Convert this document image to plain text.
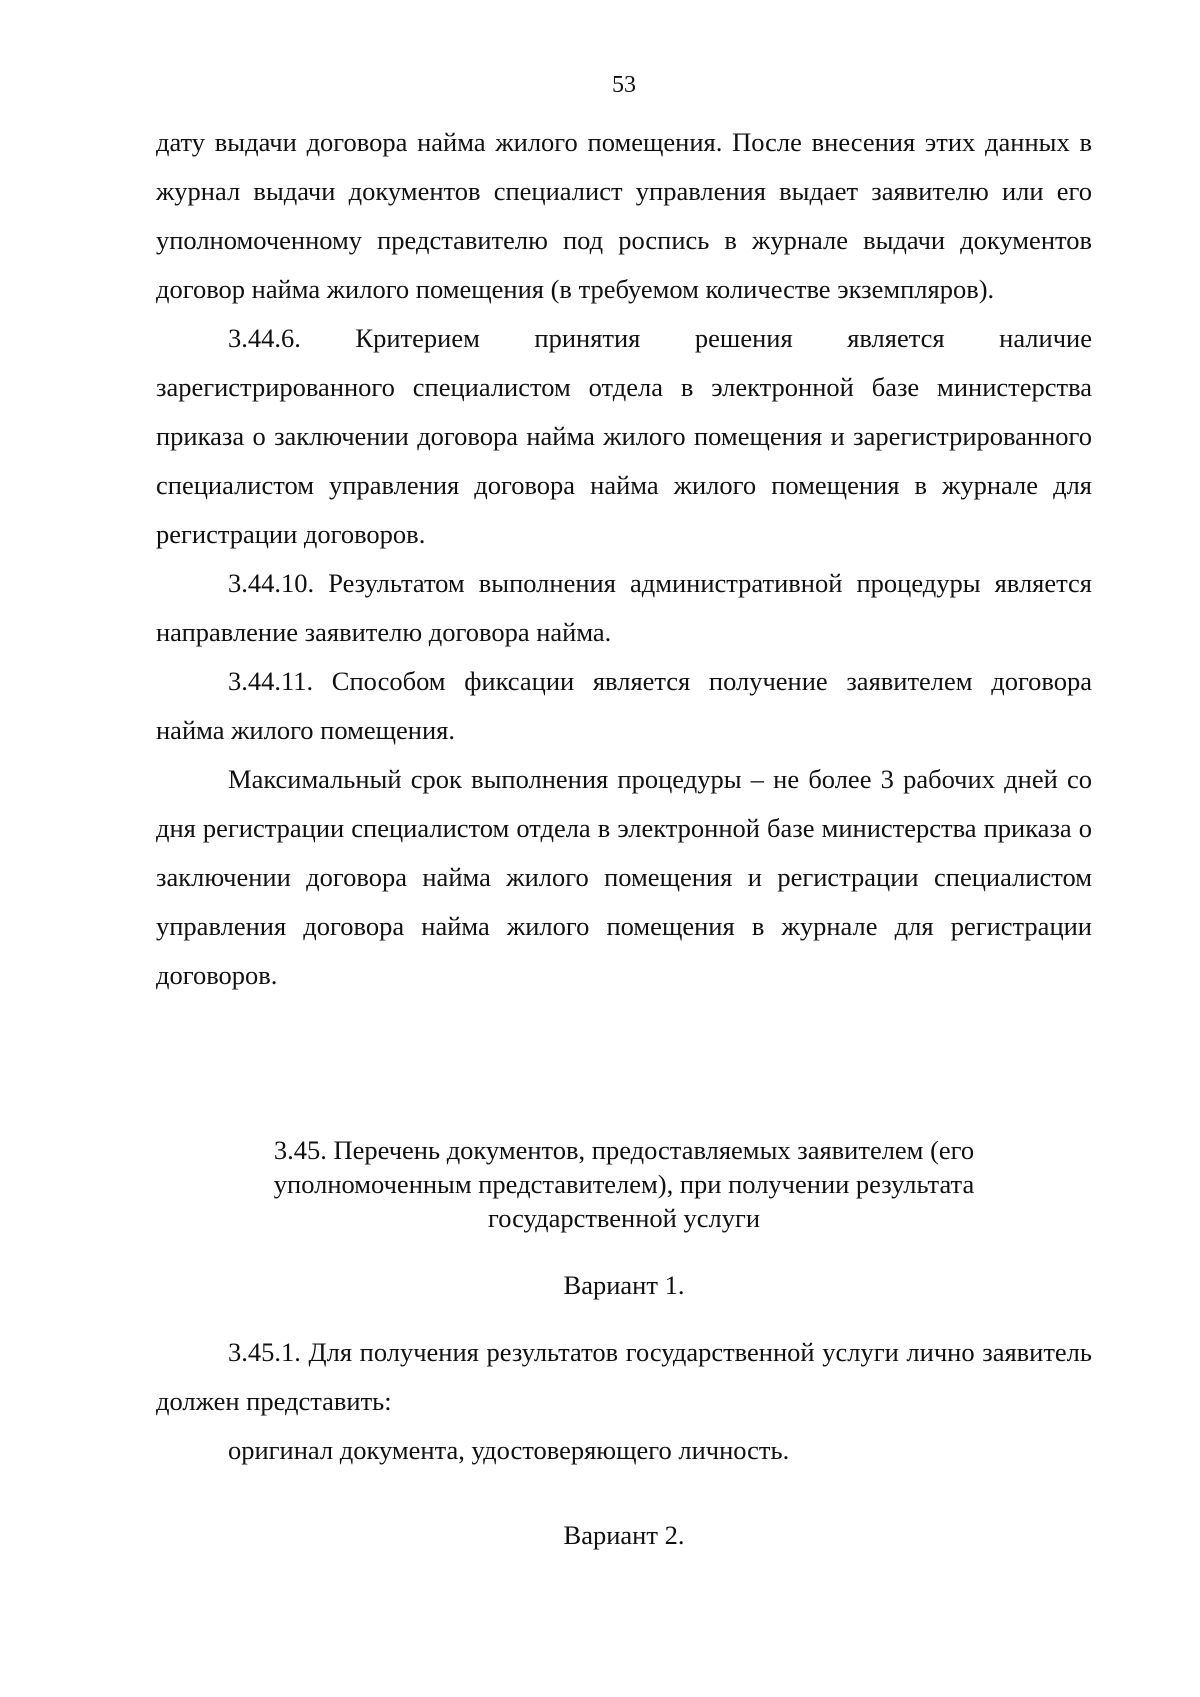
53

дату выдачи договора найма жилого помещения. После внесения этих данных в журнал выдачи документов специалист управления выдает заявителю или его уполномоченному представителю под роспись в журнале выдачи документов договор найма жилого помещения (в требуемом количестве экземпляров).

3.44.6. Критерием принятия решения является наличие зарегистрированного специалистом отдела в электронной базе министерства приказа о заключении договора найма жилого помещения и зарегистрированного специалистом управления договора найма жилого помещения в журнале для регистрации договоров.

3.44.10. Результатом выполнения административной процедуры является направление заявителю договора найма.

3.44.11. Способом фиксации является получение заявителем договора найма жилого помещения.

Максимальный срок выполнения процедуры – не более 3 рабочих дней со дня регистрации специалистом отдела в электронной базе министерства приказа о заключении договора найма жилого помещения и регистрации специалистом управления договора найма жилого помещения в журнале для регистрации договоров.

3.45. Перечень документов, предоставляемых заявителем (его

уполномоченным представителем), при получении результата

государственной услуги

Вариант 1.

3.45.1. Для получения результатов государственной услуги лично заявитель должен представить:

оригинал документа, удостоверяющего личность.

Вариант 2.
